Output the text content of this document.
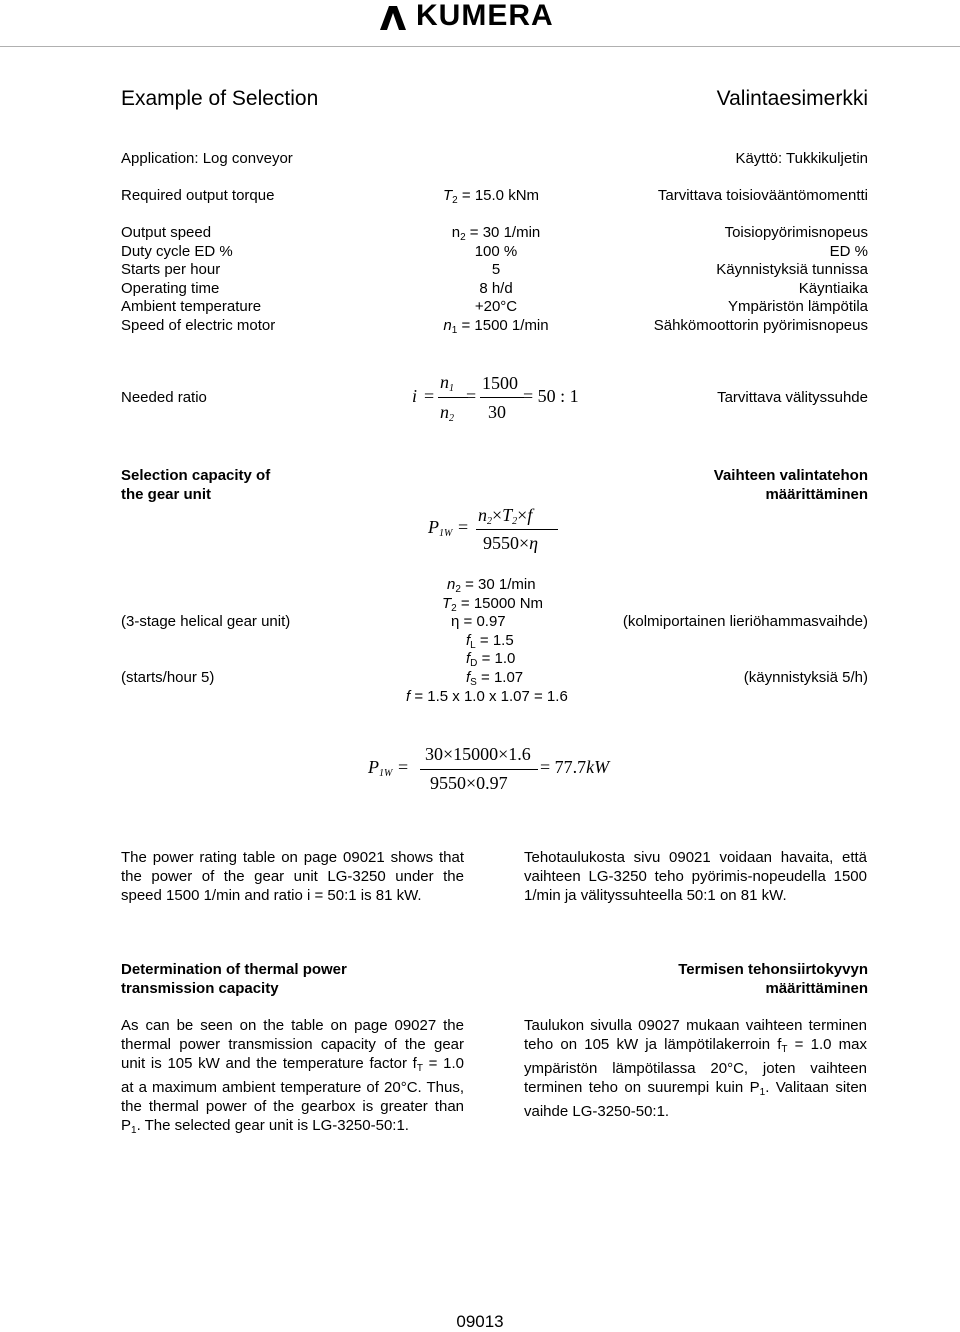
KUMERA
Example of Selection	Valintaesimerkki
Application: Log conveyor	Käyttö: Tukkikuljetin
Required output torque	$T_2 = 15.0$ kNm	Tarvittava toisiovääntömomentti
Output speed	$n_2 = 30$ 1/min	Toisiopyörimisnopeus
Duty cycle ED %	100 %	ED %
Starts per hour	5	Käynnistyksiä tunnissa
Operating time	8 h/d	Käyntiaika
Ambient temperature	+20°C	Ympäristön lämpötila
Speed of electric motor	$n_1 = 1500$ 1/min	Sähkömoottorin pyörimisnopeus
Needed ratio	Tarvittava välityssuhde
i =
$n_1$
$n_2$
=
1500
30
= 50 : 1
Selection capacity of
the gear unit
Vaihteen valintatehon
määrittäminen
$P_{1W}$ =
$n_2\times T_2\times f$
9550×η
$n_2 = 30$ 1/min
$T_2 = 15000$ Nm
(3-stage helical gear unit)	η = 0.97	(kolmiportainen lieriöhammasvaihde)
$f_L = 1.5$
$f_D = 1.0$
(starts/hour 5)	$f_S = 1.07$	(käynnistyksiä 5/h)
f = 1.5 x 1.0 x 1.07 = 1.6
$P_{1W}$ =
30×15000×1.6
9550×0.97
= 77.7kW
The power rating table on page 09021 shows that the power of the gear unit LG-3250 under the speed 1500 1/min and ratio i = 50:1 is 81 kW.
Tehotaulukosta sivu 09021 voidaan havaita, että vaihteen LG-3250 teho pyörimis-nopeudella 1500 1/min ja välityssuhteella 50:1 on 81 kW.
Determination of thermal power
transmission capacity
Termisen tehonsiirtokyvyn
määrittäminen
As can be seen on the table on page 09027 the thermal power transmission capacity of the gear unit is 105 kW and the temperature factor $f_T = 1.0$ at a maximum ambient temperature of 20°C. Thus, the thermal power of the gearbox is greater than $P_1$. The selected gear unit is LG-3250-50:1.
Taulukon sivulla 09027 mukaan vaihteen terminen teho on 105 kW ja lämpötilakerroin $f_T = 1.0$ max ympäristön lämpötilassa 20°C, joten vaihteen terminen teho on suurempi kuin $P_1$. Valitaan siten vaihde LG-3250-50:1.
09013
